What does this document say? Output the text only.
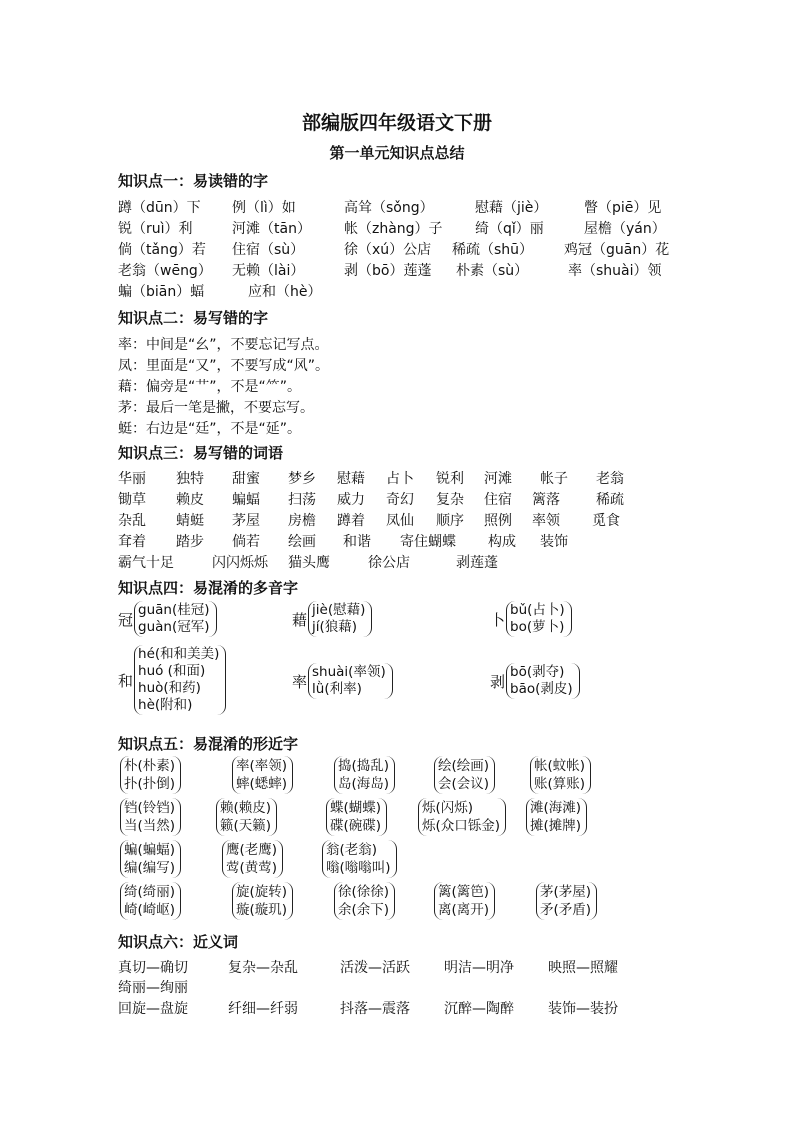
部编版四年级语文下册
第一单元知识点总结
知识点一：易读错的字
蹲（dūn）下 例（lì）如	高耸（sǒng）	慰藉（jiè）	瞥（piē）见
锐（ruì）利	河滩（tān） 帐（zhàng）子 绮（qǐ）丽	屋檐（yán）
倘（tǎng）若 住宿（sù）	徐（xú）公店 稀疏（shū） 鸡冠（guān）花
老翁（wēng） 无赖（lài）	剥（bō）莲蓬 朴素（sù）	率（shuài）领
蝙（biān）蝠	应和（hè）
知识点二：易写错的字
率：中间是“幺”，不要忘记写点。
凤：里面是“又”，不要写成“风”。
藉：偏旁是“艹”，不是“⺮”。
茅：最后一笔是撇，不要忘写。
蜓：右边是“廷”，不是“延”。
知识点三：易写错的词语
华丽 独特 甜蜜 梦乡 慰藉 占卜 锐利 河滩 帐子 老翁
锄草 赖皮 蝙蝠 扫荡 威力 奇幻 复杂 住宿 篱落	稀疏
杂乱 蜻蜓 茅屋 房檐 蹲着 凤仙 顺序 照例 率领 觅食
耷着 踏步 倘若 绘画 和谐 寄住蝴蝶 构成 装饰
霸气十足	闪闪烁烁 猫头鹰	徐公店	剥莲蓬
知识点四：易混淆的多音字
冠
guān(桂冠)
guàn(冠军)	藉
jiè(慰藉)
jí(狼藉)	卜
bǔ(占卜)
bo(萝卜)
和
hé(和和美美)
huó (和面)
huò(和药)
hè(附和)
率
shuài(率领)
lǜ(利率)	剥
bō(剥夺)
bāo(剥皮)
知识点五：易混淆的形近字
朴(朴素)
扑(扑倒)
率(率领)
蟀(蟋蟀)
捣(捣乱)
岛(海岛)
绘(绘画)
会(会议)
帐(蚊帐)
账(算账)
铛(铃铛)
当(当然)
赖(赖皮)
籁(天籁)
蝶(蝴蝶)
碟(碗碟)
烁(闪烁)
烁(众口铄金)
滩(海滩)
摊(摊牌)
蝙(蝙蝠)
编(编写)
鹰(老鹰)
莺(黄莺)
翁(老翁)
嗡(嗡嗡叫)
绮(绮丽)
崎(崎岖)
旋(旋转)
璇(璇玑)
徐(徐徐)
余(余下)
篱(篱笆)
离(离开)
茅(茅屋)
矛(矛盾)
知识点六：近义词
真切—确切	复杂—杂乱	活泼—活跃 明洁—明净 映照—照耀
绮丽—绚丽
回旋—盘旋	纤细—纤弱	抖落—震落 沉醉—陶醉 装饰—装扮
